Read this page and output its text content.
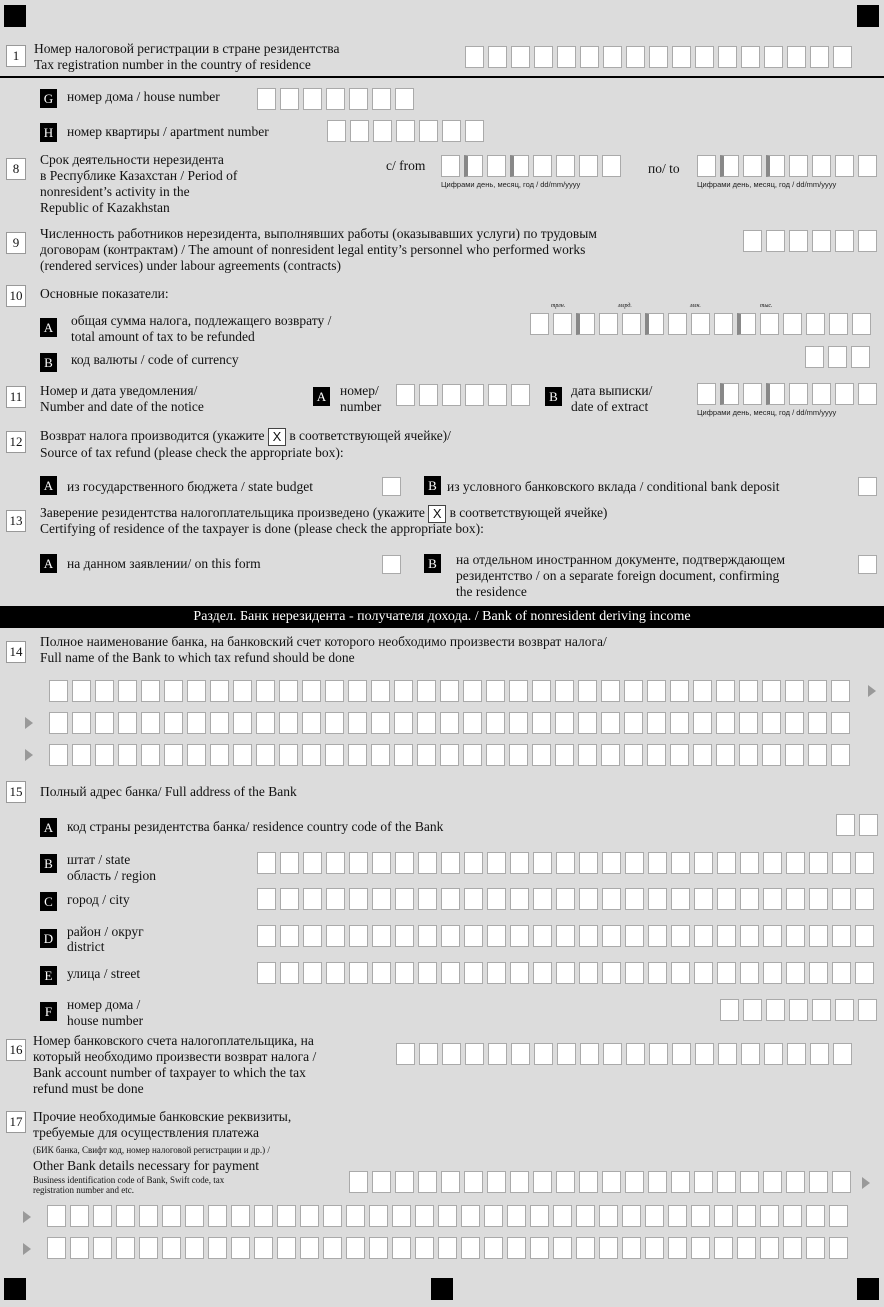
1	Номер налоговой регистрации в стране резидентства
Tax registration number in the country of residence
G номер дома / house number
H номер квартиры / apartment number
8
Срок деятельности нерезидента
в Республике Казахстан / Period of
nonresident’s activity in the
Republic of Kazakhstan
с/ from
Цифрами день, месяц, год / dd/mm/yyyy
по/ to
Цифрами день, месяц, год / dd/mm/yyyy
9
Численность работников нерезидента, выполнявших работы (оказывавших услуги) по трудовым
договорам (контрактам) / The amount of nonresident legal entity’s personnel who performed works
(rendered services) under labour agreements (contracts)
10 Основные показатели:
трлн.	млрд.	млн.	тыс.
A общая сумма налога, подлежащего возврату /
total amount of tax to be refunded
B	код валюты / code of currency
11 Номер и дата уведомления/
Number and date of the notice
A номер/
number
B дата выписки/
date of extract	Цифрами день, месяц, год / dd/mm/yyyy
12 Возврат налога производится (укажите X в соответствующей ячейке)/
Source of tax refund (please check the appropriate box):
A из государственного бюджета / state budget	B из условного банковского вклада / conditional bank deposit
13
Заверение резидентства налогоплательщика произведено (укажите X в соответствующей ячейке)
Certifying of residence of the taxpayer is done (please check the appropriate box):
A на данном заявлении/ on this form	B	на отдельном иностранном документе, подтверждающем
резидентство / on a separate foreign document, confirming
the residence
Раздел. Банк нерезидента - получателя дохода. / Bank of nonresident deriving income
14
Полное наименование банка, на банковский счет которого необходимо произвести возврат налога/
Full name of the Bank to which tax refund should be done
15 Полный адрес банка/ Full address of the Bank
A код страны резидентства банка/ residence country code of the Bank
B	штат / state
область / region
C	город / city
D район / округ
district
E	улица / street
F	номер дома /
house number
16
Номер банковского счета налогоплательщика, на
который необходимо произвести возврат налога /
Bank account number of taxpayer to which the tax
refund must be done
17 Прочие необходимые банковские реквизиты,
требуемые для осуществления платежа
(БИК банка, Свифт код, номер налоговой регистрации и др.) /
Other Bank details necessary for payment
Business identification code of Bank, Swift code, tax
registration number and etc.
